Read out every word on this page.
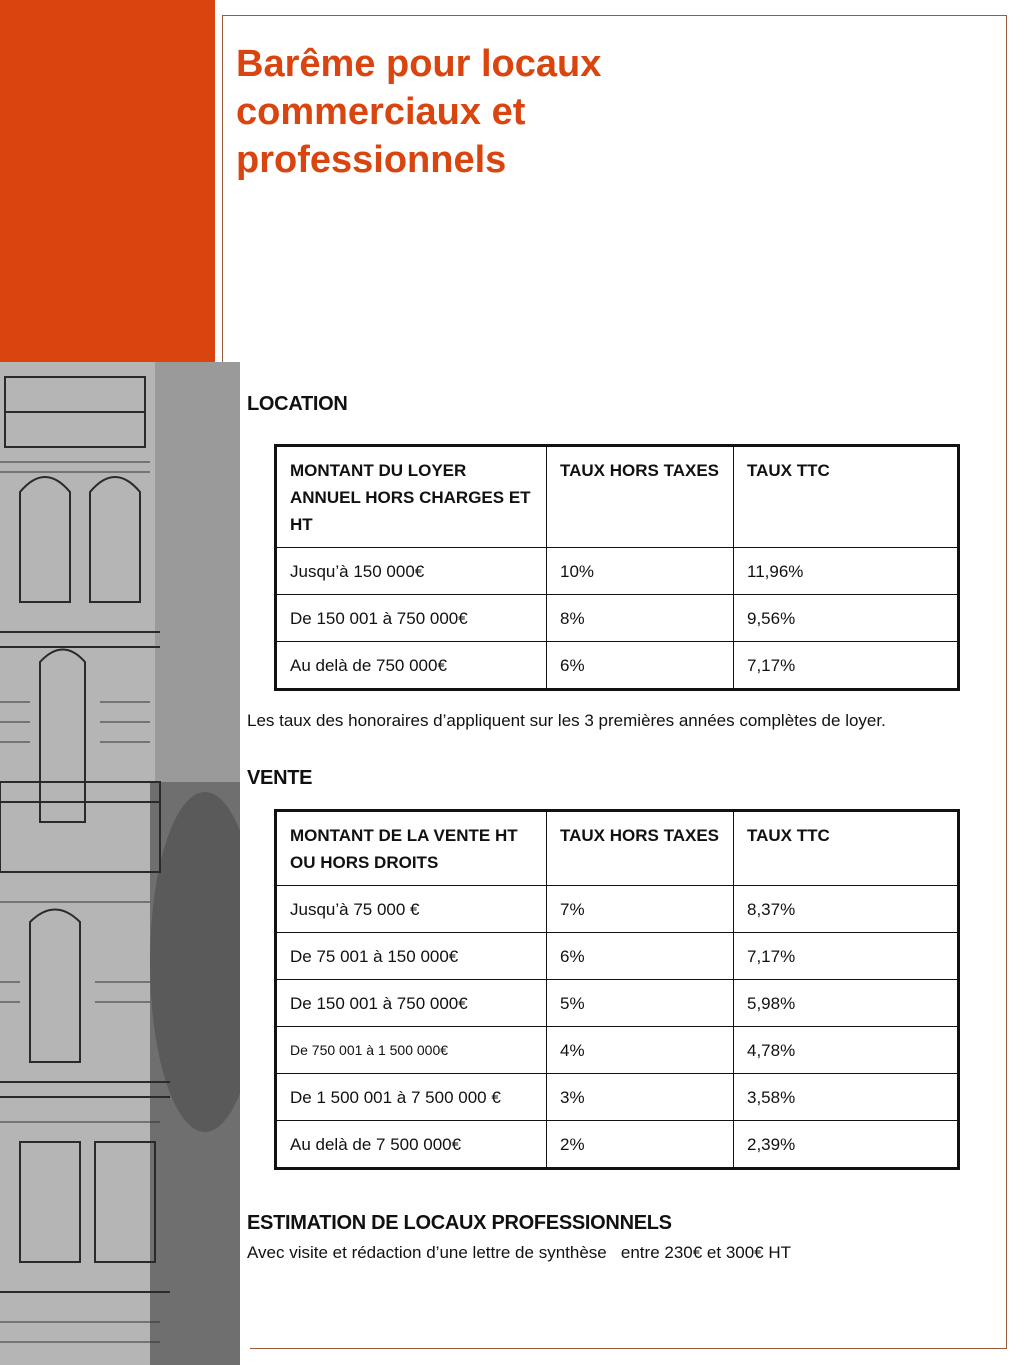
Barême pour locaux commerciaux et professionnels
LOCATION
MONTANT DU LOYER ANNUEL HORS CHARGES ET HT	TAUX HORS TAXES	TAUX TTC
Jusqu’à 150 000€	10%	11,96%
De 150 001 à 750 000€	8%	9,56%
Au delà de 750 000€	6%	7,17%

Les taux des honoraires d’appliquent sur les 3 premières années complètes de loyer.

VENTE
MONTANT DE LA VENTE HT OU HORS DROITS	TAUX HORS TAXES	TAUX TTC
Jusqu’à 75 000 €	7%	8,37%
De 75 001 à 150 000€	6%	7,17%
De 150 001 à 750 000€	5%	5,98%
De 750 001 à 1 500 000€	4%	4,78%
De 1 500 001 à 7 500 000 €	3%	3,58%
Au delà de 7 500 000€	2%	2,39%
ESTIMATION DE LOCAUX PROFESSIONNELS

Avec visite et rédaction d’une lettre de synthèse   entre 230€ et 300€ HT
